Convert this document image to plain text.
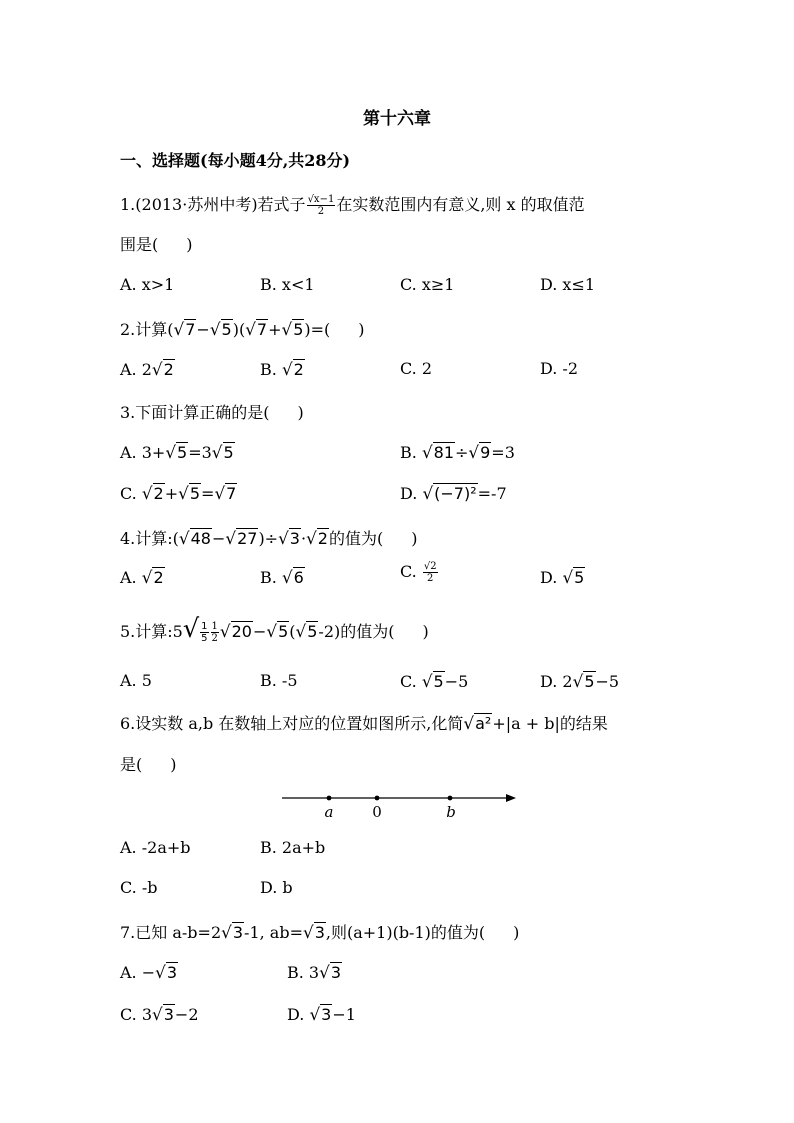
第十六章
一、选择题(每小题4分,共28分)
1.(2013·苏州中考)若式子 $\frac{√x-1}{2}$ 在实数范围内有意义,则 x 的取值范
围是( )
A. x>1	B. x<1	C. x≥1	D. x≤1
2.计算(√7−√5)(√7+√5)=( )
A. 2√2	B. √2	C. 2	D. -2
3.下面计算正确的是( )
A. 3+√5=3√5	B. √81÷√9=3
C. √2+√5=√7	D. √(−7)²=-7
4.计算:(√48−√27)÷√3·√2的值为( )
A. √2	B. √6	C. $\frac{√2}{2}$	D. √5
5.计算:5√ $\frac{1}{5} \frac{1}{2} √20-√5(√5-2)$的值为( )
A. 5	B. -5	C. √5−5	D. 2√5−5
6.设实数 a,b 在数轴上对应的位置如图所示,化简√a²+|a + b|的结果
是( )
a	0	b
A. -2a+b	B. 2a+b
C. -b	D. b
7.已知 a-b=2√3-1, ab=√3,则(a+1)(b-1)的值为( )
A. −√3	B. 3√3
C. 3√3−2	D. √3−1
